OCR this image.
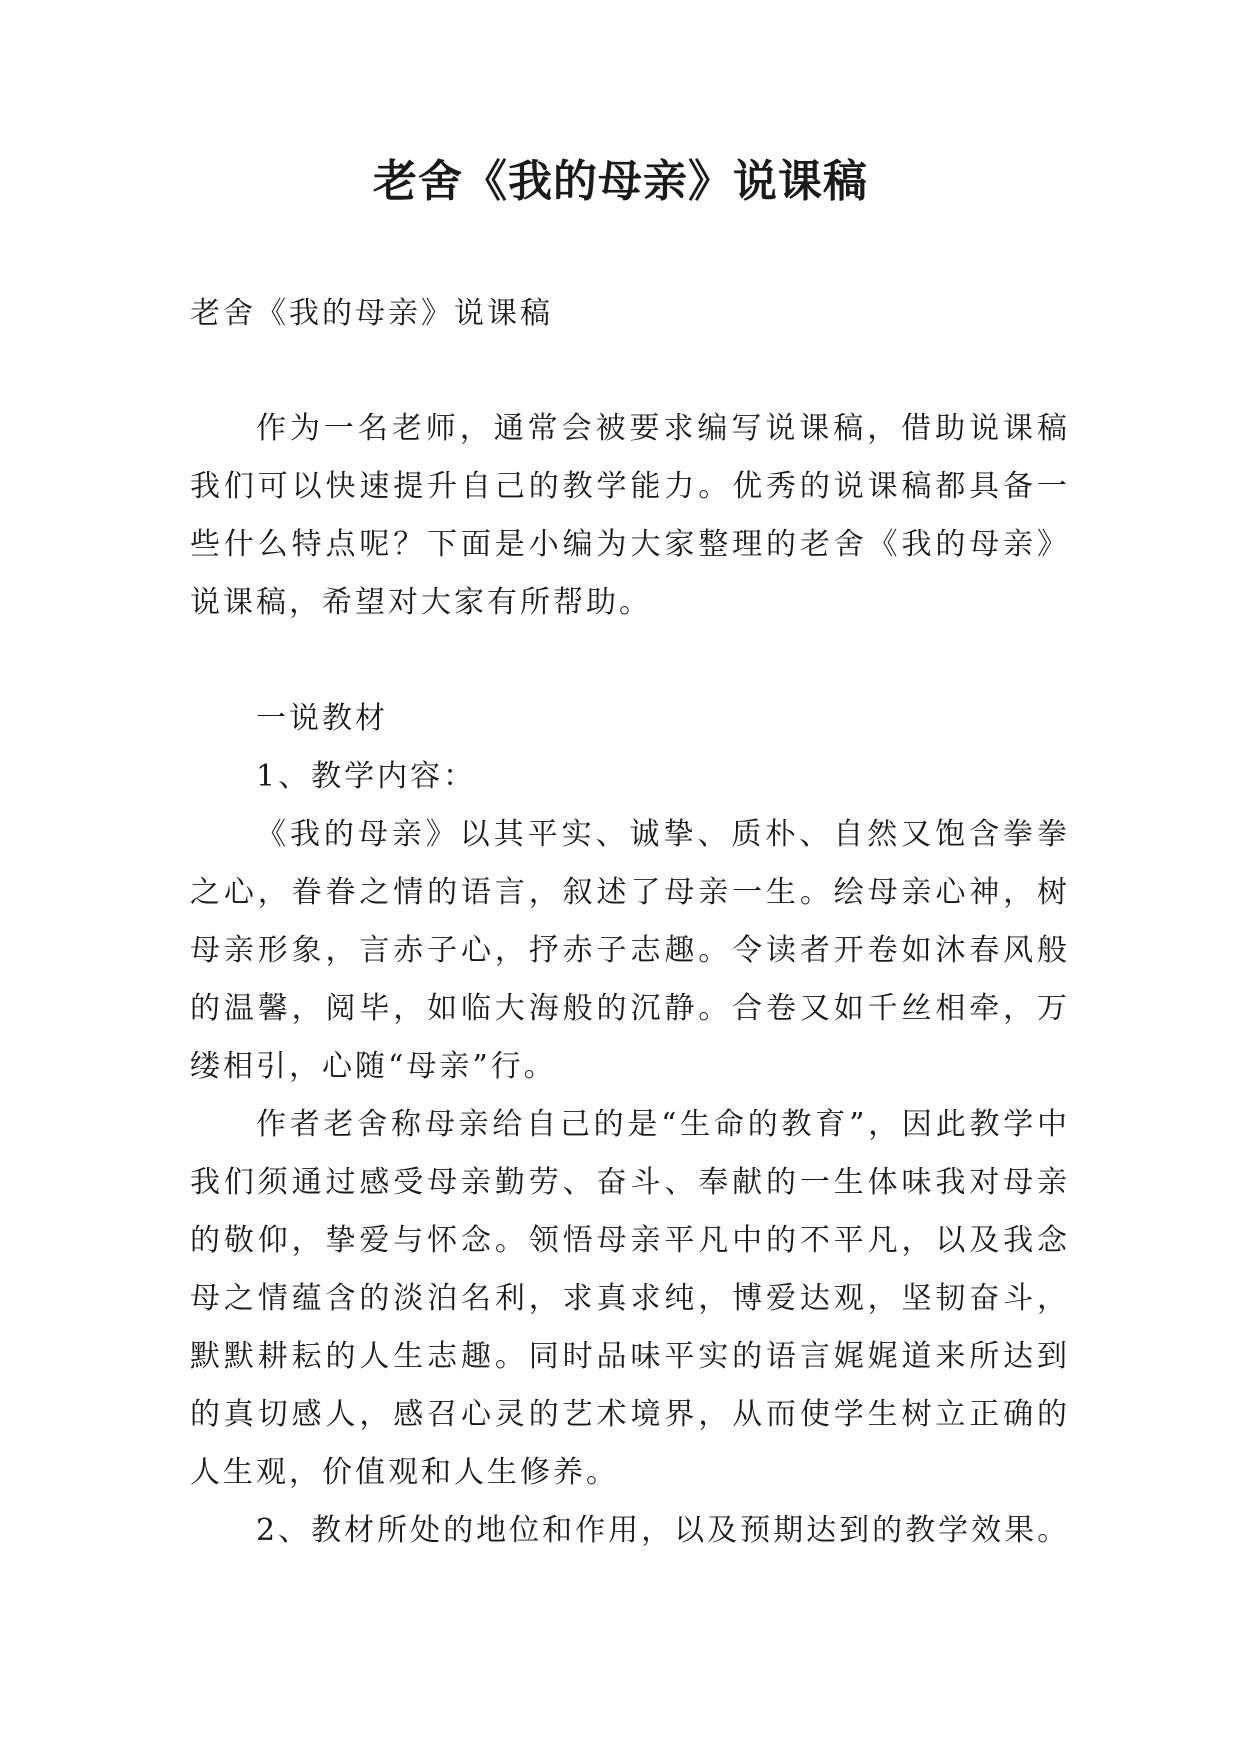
老舍《我的母亲》说课稿

老舍《我的母亲》说课稿

作为一名老师，通常会被要求编写说课稿，借助说课稿我们可以快速提升自己的教学能力。优秀的说课稿都具备一些什么特点呢？下面是小编为大家整理的老舍《我的母亲》说课稿，希望对大家有所帮助。

一说教材

1、教学内容：

《我的母亲》以其平实、诚挚、质朴、自然又饱含拳拳之心，眷眷之情的语言，叙述了母亲一生。绘母亲心神，树母亲形象，言赤子心，抒赤子志趣。令读者开卷如沐春风般的温馨，阅毕，如临大海般的沉静。合卷又如千丝相牵，万缕相引，心随“母亲”行。

作者老舍称母亲给自己的是“生命的教育”，因此教学中我们须通过感受母亲勤劳、奋斗、奉献的一生体味我对母亲的敬仰，挚爱与怀念。领悟母亲平凡中的不平凡，以及我念母之情蕴含的淡泊名利，求真求纯，博爱达观，坚韧奋斗，默默耕耘的人生志趣。同时品味平实的语言娓娓道来所达到的真切感人，感召心灵的艺术境界，从而使学生树立正确的人生观，价值观和人生修养。

2、教材所处的地位和作用，以及预期达到的教学效果。
